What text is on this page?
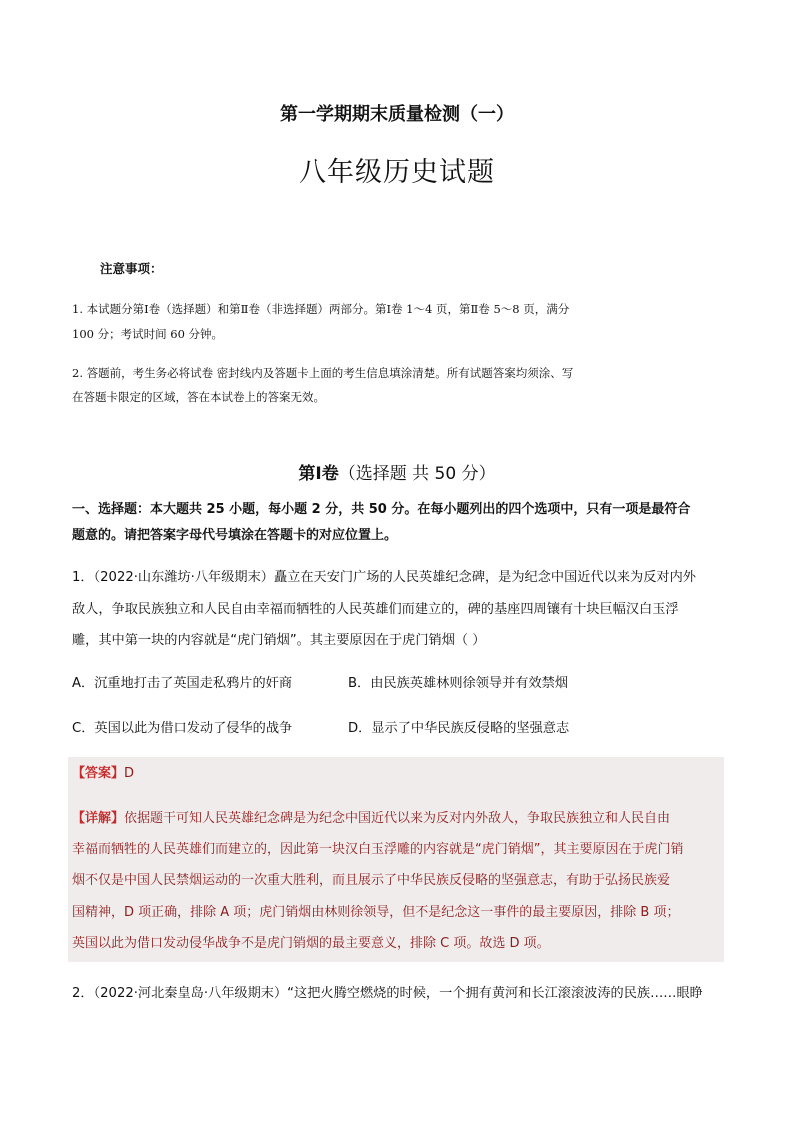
第一学期期末质量检测（一）

八年级历史试题

注意事项：

1. 本试题分第Ⅰ卷（选择题）和第Ⅱ卷（非选择题）两部分。第Ⅰ卷 1～4 页，第Ⅱ卷 5～8 页，满分

100 分；考试时间 60 分钟。

2. 答题前，考生务必将试卷 密封线内及答题卡上面的考生信息填涂清楚。所有试题答案均须涂、写

在答题卡限定的区域，答在本试卷上的答案无效。

第Ⅰ卷（选择题 共 50 分）

一、选择题：本大题共 25 小题，每小题 2 分，共 50 分。在每小题列出的四个选项中，只有一项是最符合

题意的。请把答案字母代号填涂在答题卡的对应位置上。

1．（2022·山东潍坊·八年级期末）矗立在天安门广场的人民英雄纪念碑，是为纪念中国近代以来为反对内外

敌人，争取民族独立和人民自由幸福而牺牲的人民英雄们而建立的，碑的基座四周镶有十块巨幅汉白玉浮

雕，其中第一块的内容就是“虎门销烟”。其主要原因在于虎门销烟（ ）

A．沉重地打击了英国走私鸦片的奸商	B．由民族英雄林则徐领导并有效禁烟

C．英国以此为借口发动了侵华的战争	D．显示了中华民族反侵略的坚强意志

【答案】D

【详解】依据题干可知人民英雄纪念碑是为纪念中国近代以来为反对内外敌人，争取民族独立和人民自由

幸福而牺牲的人民英雄们而建立的，因此第一块汉白玉浮雕的内容就是“虎门销烟”，其主要原因在于虎门销

烟不仅是中国人民禁烟运动的一次重大胜利，而且展示了中华民族反侵略的坚强意志，有助于弘扬民族爱

国精神，D 项正确，排除 A 项；虎门销烟由林则徐领导，但不是纪念这一事件的最主要原因，排除 B 项；

英国以此为借口发动侵华战争不是虎门销烟的最主要意义，排除 C 项。故选 D 项。

2．（2022·河北秦皇岛·八年级期末）“这把火腾空燃烧的时候，一个拥有黄河和长江滚滚波涛的民族……眼睁
